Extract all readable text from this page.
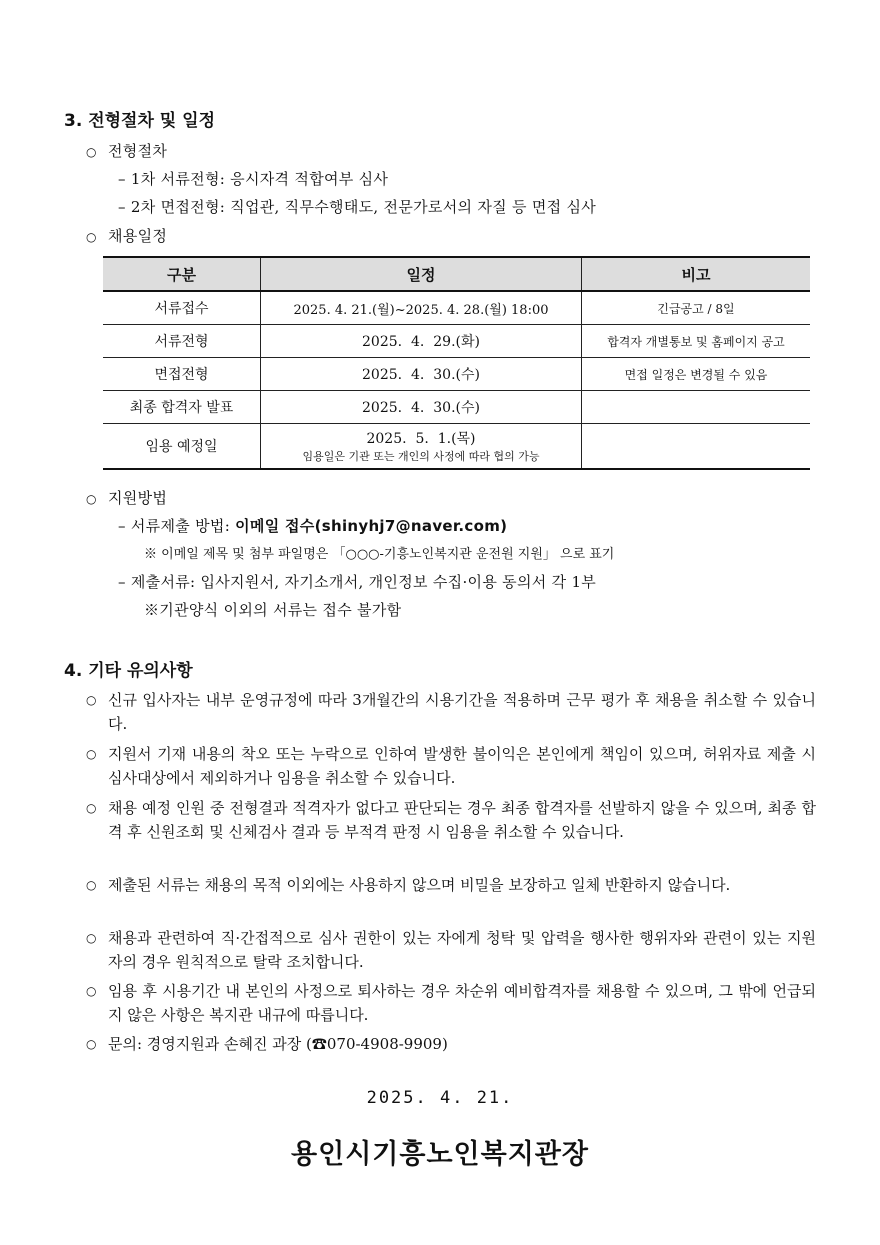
3. 전형절차 및 일정
○ 전형절차
– 1차 서류전형: 응시자격 적합여부 심사
– 2차 면접전형: 직업관, 직무수행태도, 전문가로서의 자질 등 면접 심사
○ 채용일정
구분	일정	비고
서류접수	2025. 4. 21.(월)~2025. 4. 28.(월) 18:00	긴급공고 / 8일
서류전형	2025.  4.  29.(화)	합격자 개별통보 및 홈페이지 공고
면접전형	2025.  4.  30.(수)	면접 일정은 변경될 수 있음
최종 합격자 발표	2025.  4.  30.(수)	
임용 예정일	2025.  5.  1.(목)
임용일은 기관 또는 개인의 사정에 따라 협의 가능	

○ 지원방법
– 서류제출 방법: 이메일 접수(shinyhj7@naver.com)
※ 이메일 제목 및 첨부 파일명은 「○○○-기흥노인복지관 운전원 지원」 으로 표기
– 제출서류: 입사지원서, 자기소개서, 개인정보 수집·이용 동의서 각 1부
※기관양식 이외의 서류는 접수 불가함
4. 기타 유의사항
○ 신규 입사자는 내부 운영규정에 따라 3개월간의 시용기간을 적용하며 근무 평가 후 채용을 취소할 수 있습니다.
○ 지원서 기재 내용의 착오 또는 누락으로 인하여 발생한 불이익은 본인에게 책임이 있으며, 허위자료 제출 시 심사대상에서 제외하거나 임용을 취소할 수 있습니다.
○ 채용 예정 인원 중 전형결과 적격자가 없다고 판단되는 경우 최종 합격자를 선발하지 않을 수 있으며, 최종 합격 후 신원조회 및 신체검사 결과 등 부적격 판정 시 임용을 취소할 수 있습니다.
○ 제출된 서류는 채용의 목적 이외에는 사용하지 않으며 비밀을 보장하고 일체 반환하지 않습니다.
○ 채용과 관련하여 직·간접적으로 심사 권한이 있는 자에게 청탁 및 압력을 행사한 행위자와 관련이 있는 지원자의 경우 원칙적으로 탈락 조치합니다.
○ 임용 후 시용기간 내 본인의 사정으로 퇴사하는 경우 차순위 예비합격자를 채용할 수 있으며, 그 밖에 언급되지 않은 사항은 복지관 내규에 따릅니다.
○ 문의: 경영지원과 손혜진 과장 (☎070-4908-9909)
2025. 4. 21.
용인시기흥노인복지관장
